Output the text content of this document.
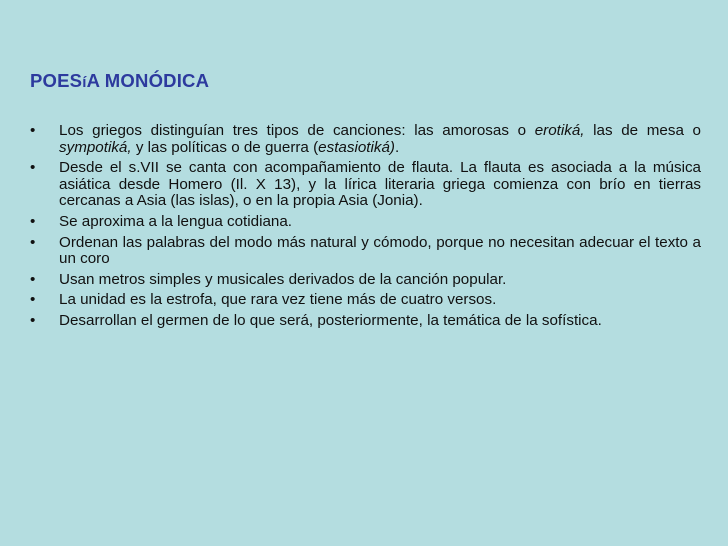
POESíA MONÓDICA
•	Los griegos distinguían tres tipos de canciones: las amorosas o erotiká, las de mesa o sympotiká, y las políticas o de guerra (estasiotiká).
•	Desde el s.VII se canta con acompañamiento de flauta. La flauta es asociada a la música asiática desde Homero (Il. X 13), y la lírica literaria griega comienza con brío en tierras cercanas a Asia (las islas), o en la propia Asia (Jonia).
•	Se aproxima a la lengua cotidiana.
•	Ordenan las palabras del modo más natural y cómodo, porque no necesitan adecuar el texto a un coro
•	Usan metros simples y musicales derivados de la canción popular.
•	La unidad es la estrofa, que rara vez tiene más de cuatro versos.
•	Desarrollan el germen de lo que será, posteriormente, la temática de la sofística.
